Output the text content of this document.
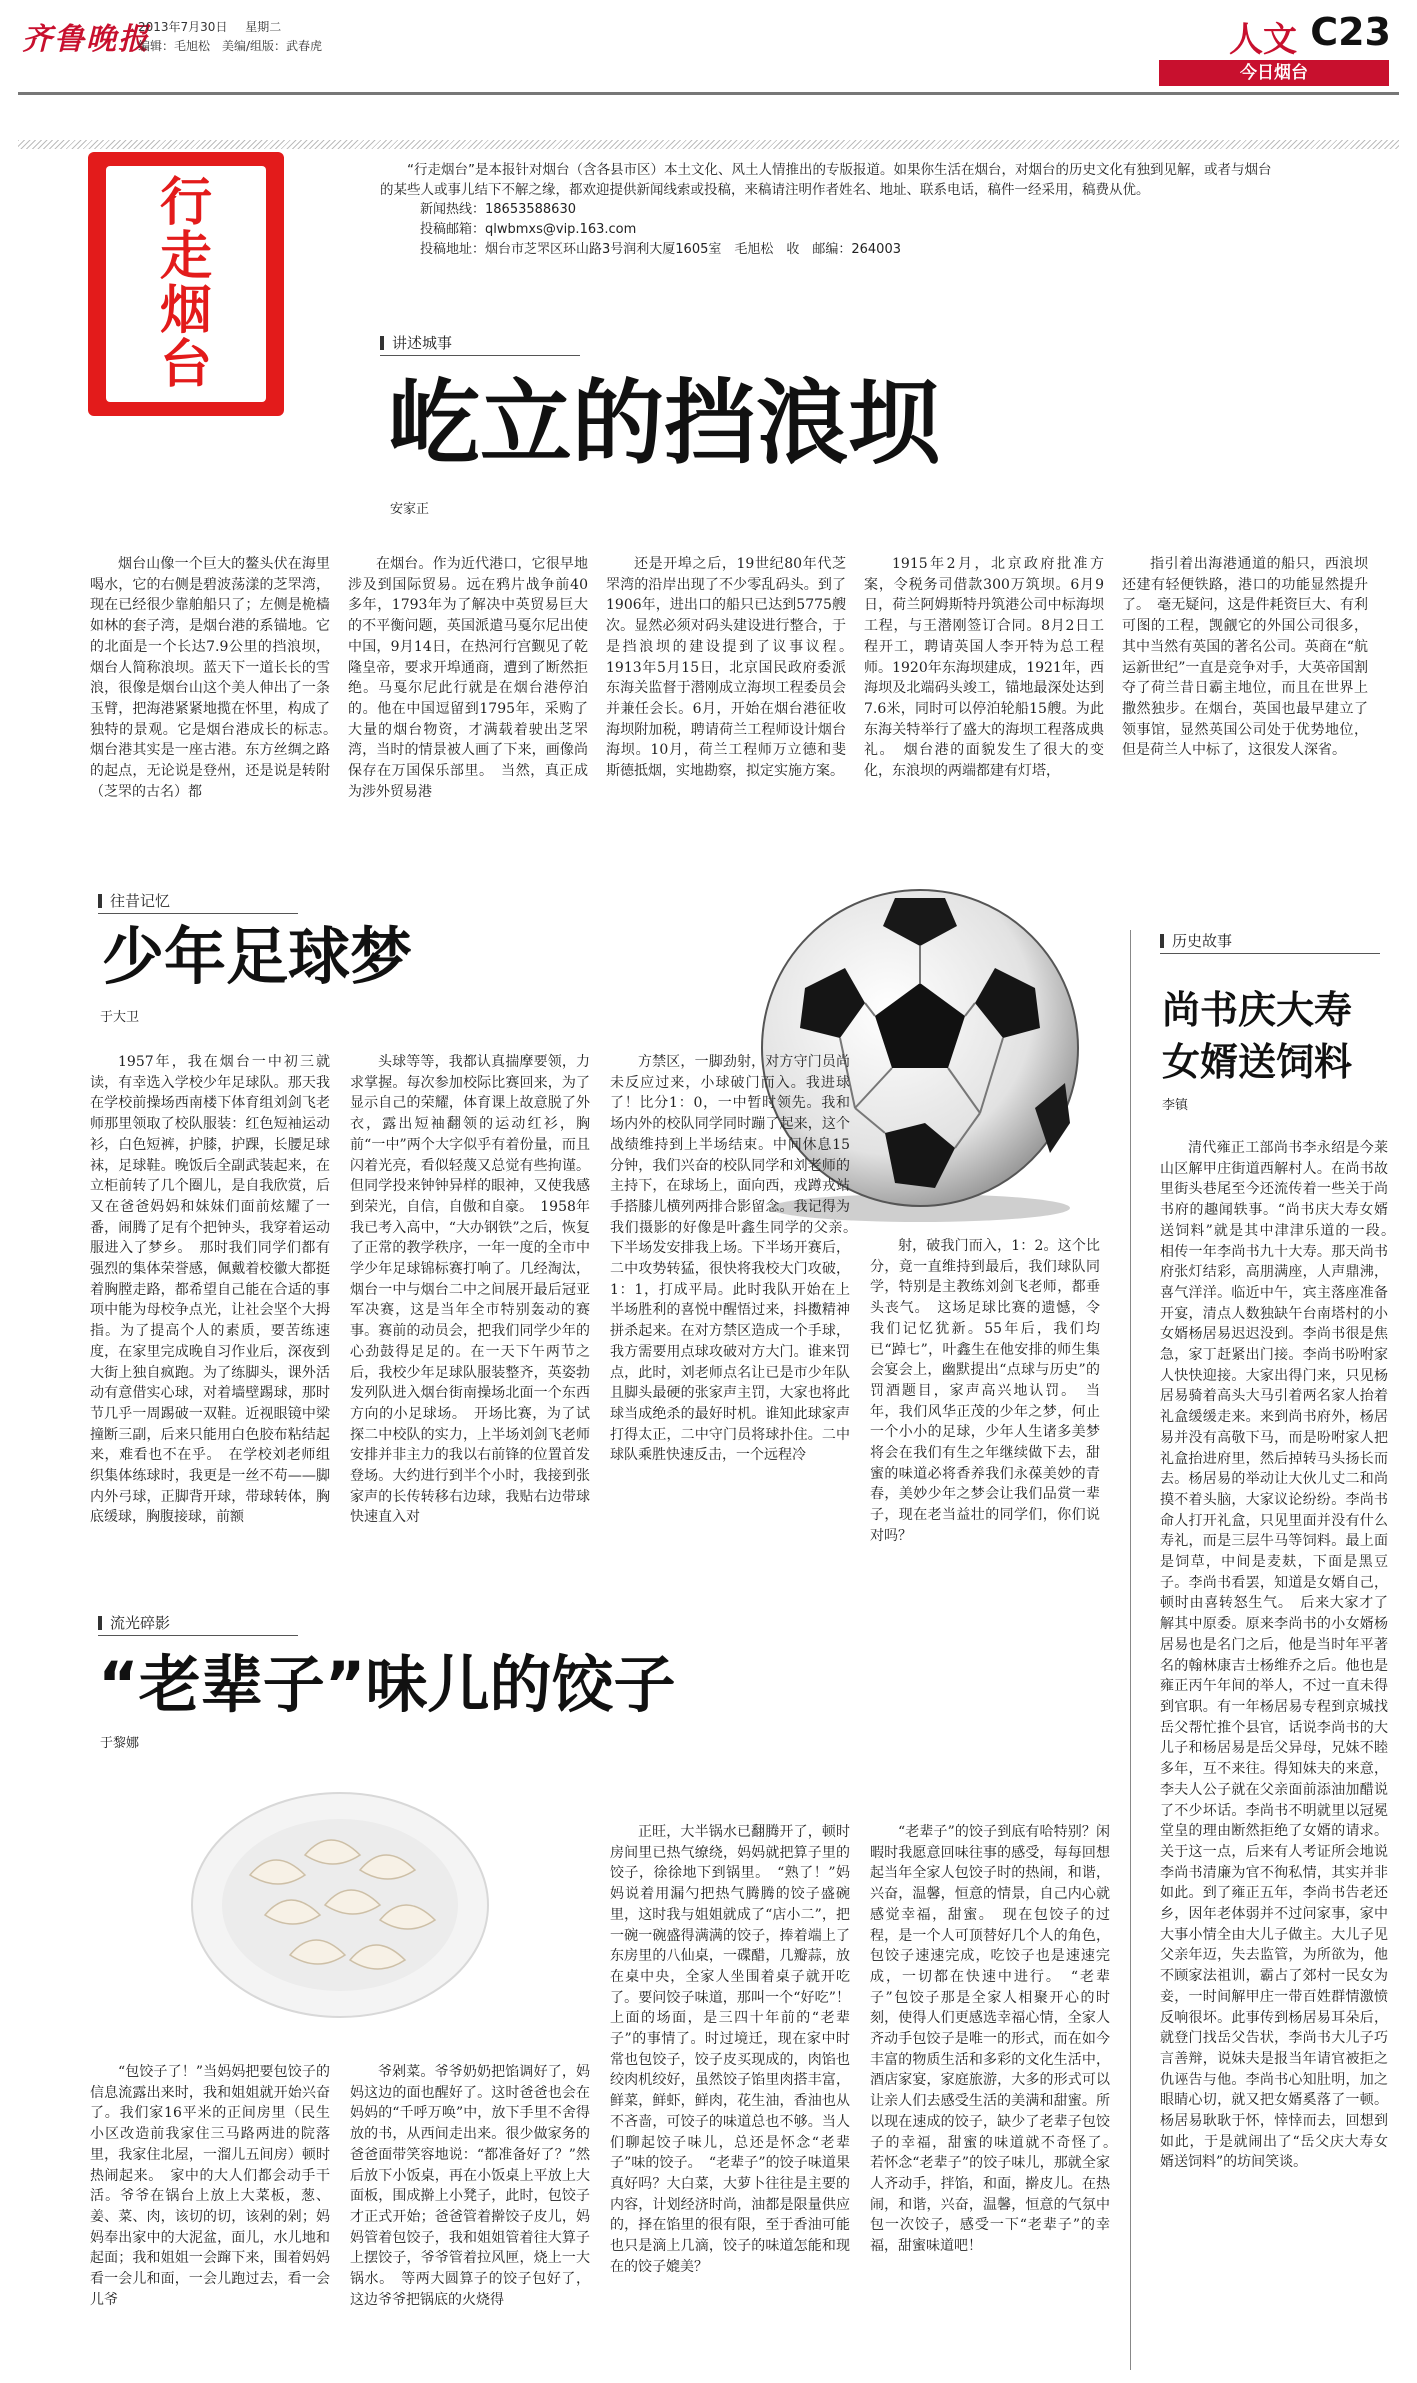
齐鲁晚报
2013年7月30日 星期二
编辑：毛旭松　美编/组版：武春虎	人文 C23
今日烟台
行
走
烟
台
“行走烟台”是本报针对烟台（含各县市区）本土文化、风土人情推出的专版报道。如果你生活在烟台，对烟台的历史文化有独到见解，或者与烟台的某些人或事儿结下不解之缘，都欢迎提供新闻线索或投稿，来稿请注明作者姓名、地址、联系电话，稿件一经采用，稿费从优。
新闻热线：18653588630
投稿邮箱：qlwbmxs@vip.163.com
投稿地址：烟台市芝罘区环山路3号润利大厦1605室　毛旭松　收　邮编：264003
讲述城事
屹立的挡浪坝
安家正

烟台山像一个巨大的鳌头伏在海里喝水，它的右侧是碧波荡漾的芝罘湾，现在已经很少靠舶船只了；左侧是桅樯如林的套子湾，是烟台港的系锚地。它的北面是一个长达7.9公里的挡浪坝，烟台人简称浪坝。蓝天下一道长长的雪浪，很像是烟台山这个美人伸出了一条玉臂，把海港紧紧地揽在怀里，构成了独特的景观。它是烟台港成长的标志。　烟台港其实是一座古港。东方丝绸之路的起点，无论说是登州，还是说是转附（芝罘的古名）都

在烟台。作为近代港口，它很早地涉及到国际贸易。远在鸦片战争前40多年，1793年为了解决中英贸易巨大的不平衡问题，英国派遣马戛尔尼出使中国，9月14日，在热河行宫觐见了乾隆皇帝，要求开埠通商，遭到了断然拒绝。马戛尔尼此行就是在烟台港停泊的。他在中国逗留到1795年，采购了大量的烟台物资，才满载着驶出芝罘湾，当时的情景被人画了下来，画像尚保存在万国保乐部里。　当然，真正成为涉外贸易港

还是开埠之后，19世纪80年代芝罘湾的沿岸出现了不少零乱码头。到了1906年，进出口的船只已达到5775艘次。显然必须对码头建设进行整合，于是挡浪坝的建设提到了议事议程。　1913年5月15日，北京国民政府委派东海关监督于潜刚成立海坝工程委员会并兼任会长。6月，开始在烟台港征收海坝附加税，聘请荷兰工程师设计烟台海坝。10月，荷兰工程师万立德和斐斯德抵烟，实地勘察，拟定实施方案。

1915年2月，北京政府批准方案，令税务司借款300万筑坝。6月9日，荷兰阿姆斯特丹筑港公司中标海坝工程，与王潜刚签订合同。8月2日工程开工，聘请英国人李开特为总工程师。1920年东海坝建成，1921年，西海坝及北端码头竣工，锚地最深处达到7.6米，同时可以停泊轮船15艘。为此东海关特举行了盛大的海坝工程落成典礼。　烟台港的面貌发生了很大的变化，东浪坝的两端都建有灯塔，

指引着出海港通道的船只，西浪坝还建有轻便铁路，港口的功能显然提升了。　毫无疑问，这是件耗资巨大、有利可图的工程，觊觎它的外国公司很多，其中当然有英国的著名公司。英商在“航运新世纪”一直是竞争对手，大英帝国割夺了荷兰昔日霸主地位，而且在世界上撒然独步。在烟台，英国也最早建立了领事馆，显然英国公司处于优势地位，但是荷兰人中标了，这很发人深省。

往昔记忆
少年足球梦
于大卫

1957年，我在烟台一中初三就读，有幸选入学校少年足球队。那天我在学校前操场西南楼下体育组刘剑飞老师那里领取了校队服装：红色短袖运动衫，白色短裤，护膝，护踝，长腰足球袜，足球鞋。晚饭后全副武装起来，在立柜前转了几个圈儿，是自我欣赏，后又在爸爸妈妈和妹妹们面前炫耀了一番，闹腾了足有个把钟头，我穿着运动服进入了梦乡。　那时我们同学们都有强烈的集体荣誉感，佩戴着校徽大都挺着胸膛走路，都希望自己能在合适的事项中能为母校争点光，让社会坚个大拇指。为了提高个人的素质，要苦练速度，在家里完成晚自习作业后，深夜到大街上独自疯跑。为了练脚头，课外活动有意借实心球，对着墙壁踢球，那时节几乎一周踢破一双鞋。近视眼镜中梁撞断三副，后来只能用白色胶布粘结起来，难看也不在乎。　在学校刘老师组织集体练球时，我更是一丝不苟——脚内外弓球，正脚背开球，带球转体，胸底缓球，胸腹接球，前额

头球等等，我都认真揣摩要领，力求掌握。每次参加校际比赛回来，为了显示自己的荣耀，体育课上故意脱了外衣，露出短袖翻领的运动红衫，胸前“一中”两个大字似乎有着份量，而且闪着光亮，看似轻蔑又总觉有些拘谨。但同学投来钟钟异样的眼神，又使我感到荣光，自信，自傲和自豪。　1958年我已考入高中，“大办钢铁”之后，恢复了正常的教学秩序，一年一度的全市中学少年足球锦标赛打响了。几经淘汰，烟台一中与烟台二中之间展开最后冠亚军决赛，这是当年全市特别轰动的赛事。赛前的动员会，把我们同学少年的心劲鼓得足足的。在一天下午两节之后，我校少年足球队服装整齐，英姿勃发列队进入烟台街南操场北面一个东西方向的小足球场。　开场比赛，为了试探二中校队的实力，上半场刘剑飞老师安排并非主力的我以右前锋的位置首发登场。大约进行到半个小时，我接到张家声的长传转移右边球，我贴右边带球快速直入对

方禁区，一脚劲射，对方守门员尚未反应过来，小球破门而入。我进球了！比分1：0，一中暂时领先。我和场内外的校队同学同时蹦了起来，这个战绩维持到上半场结束。中间休息15分钟，我们兴奋的校队同学和刘老师的主持下，在球场上，面向西，戎蹲戎站手搭膝儿横列两排合影留念。我记得为我们摄影的好像是叶鑫生同学的父亲。　下半场发安排我上场。下半场开赛后，二中攻势转猛，很快将我校大门攻破，1：1，打成平局。此时我队开始在上半场胜利的喜悦中醒悟过来，抖擞精神拼杀起来。在对方禁区造成一个手球，我方需要用点球攻破对方大门。谁来罚点，此时，刘老师点名让已是市少年队且脚头最硬的张家声主罚，大家也将此球当成绝杀的最好时机。谁知此球家声打得太正，二中守门员将球扑住。二中球队乘胜快速反击，一个远程冷

射，破我门而入，1：2。这个比分，竟一直维持到最后，我们球队同学，特别是主教练刘剑飞老师，都垂头丧气。　这场足球比赛的遗憾，令我们记忆犹新。55年后，我们均已“踔七”，叶鑫生在他安排的师生集会宴会上，幽默提出“点球与历史”的罚酒题目，家声高兴地认罚。　当年，我们风华正茂的少年之梦，何止一个小小的足球，少年人生诸多美梦将会在我们有生之年继续做下去，甜蜜的味道必将香养我们永葆美妙的青春，美妙少年之梦会让我们品赏一辈子，现在老当益壮的同学们，你们说对吗？

流光碎影
“老辈子”味儿的饺子
于黎娜

“包饺子了！”当妈妈把要包饺子的信息流露出来时，我和姐姐就开始兴奋了。我们家16平米的正间房里（民生小区改造前我家住三马路两进的院落里，我家住北屋，一溜儿五间房）顿时热闹起来。　家中的大人们都会动手干活。爷爷在锅台上放上大菜板，葱、姜、菜、肉，该切的切，该剁的剁；妈妈奉出家中的大泥盆，面儿，水儿地和起面；我和姐姐一会蹿下来，围着妈妈看一会儿和面，一会儿跑过去，看一会儿爷

爷剁菜。爷爷奶奶把馅调好了，妈妈这边的面也醒好了。这时爸爸也会在妈妈的“千呼万唤”中，放下手里不舍得放的书，从西间走出来。很少做家务的爸爸面带笑容地说：“都准备好了？”然后放下小饭桌，再在小饭桌上平放上大面板，围成擀上小凳子，此时，包饺子才正式开始；爸爸管着擀饺子皮儿，妈妈管着包饺子，我和姐姐管着往大算子上摆饺子，爷爷管着拉风匣，烧上一大锅水。　等两大圆算子的饺子包好了，这边爷爷把锅底的火烧得

正旺，大半锅水已翻腾开了，顿时房间里已热气缭绕，妈妈就把算子里的饺子，徐徐地下到锅里。　“熟了！”妈妈说着用漏勺把热气腾腾的饺子盛碗里，这时我与姐姐就成了“店小二”，把一碗一碗盛得满满的饺子，捧着端上了东房里的八仙桌，一碟醋，几瓣蒜，放在桌中央，全家人坐围着桌子就开吃了。要问饺子味道，那叫一个“好吃”！　上面的场面，是三四十年前的“老辈子”的事情了。时过境迁，现在家中时常也包饺子，饺子皮买现成的，肉馅也绞肉机绞好，虽然饺子馅里肉搭丰富，鲜菜，鲜虾，鲜肉，花生油，香油也从不吝啬，可饺子的味道总也不够。当人们聊起饺子味儿，总还是怀念“老辈子”味的饺子。　“老辈子”的饺子味道果真好吗？大白菜，大萝卜往往是主要的内容，计划经济时尚，油都是限量供应的，择在馅里的很有限，至于香油可能也只是滴上几滴，饺子的味道怎能和现在的饺子媲美？

“老辈子”的饺子到底有哈特别？闲暇时我愿意回味往事的感受，每每回想起当年全家人包饺子时的热闹，和谐，兴奋，温馨，恒意的情景，自己内心就感觉幸福，甜蜜。　现在包饺子的过程，是一个人可顶替好几个人的角色，包饺子速速完成，吃饺子也是速速完成，一切都在快速中进行。　“老辈子”包饺子那是全家人相聚开心的时刻，使得人们更感选幸福心情，全家人齐动手包饺子是唯一的形式，而在如今丰富的物质生活和多彩的文化生活中，酒店家宴，家庭旅游，大多的形式可以让亲人们去感受生活的美满和甜蜜。所以现在速成的饺子，缺少了老辈子包饺子的幸福，甜蜜的味道就不奇怪了。　若怀念“老辈子”的饺子味儿，那就全家人齐动手，拌馅，和面，擀皮儿。在热闹，和谐，兴奋，温馨，恒意的气氛中包一次饺子，感受一下“老辈子”的幸福，甜蜜味道吧！

历史故事
尚书庆大寿
女婿送饲料
李镇

清代雍正工部尚书李永绍是今莱山区解甲庄街道西解村人。在尚书故里街头巷尾至今还流传着一些关于尚书府的趣闻轶事。“尚书庆大寿女婿送饲料”就是其中津津乐道的一段。　相传一年李尚书九十大寿。那天尚书府张灯结彩，高朋满座，人声鼎沸，喜气洋洋。临近中午，宾主落座准备开宴，清点人数独缺午台南塔村的小女婿杨居易迟迟没到。李尚书很是焦急，家丁赶紧出门接。李尚书吩咐家人快快迎接。大家出得门来，只见杨居易骑着高头大马引着两名家人抬着礼盒缓缓走来。来到尚书府外，杨居易并没有高敬下马，而是吩咐家人把礼盒抬进府里，然后掉转马头扬长而去。杨居易的举动让大伙儿丈二和尚摸不着头脑，大家议论纷纷。李尚书命人打开礼盒，只见里面并没有什么寿礼，而是三层牛马等饲料。最上面是饲草，中间是麦麸，下面是黑豆子。李尚书看罢，知道是女婿自己，顿时由喜转怒生气。　后来大家才了解其中原委。原来李尚书的小女婿杨居易也是名门之后，他是当时年平著名的翰林康吉士杨维乔之后。他也是雍正丙午年间的举人，不过一直未得到官职。有一年杨居易专程到京城找岳父帮忙推个县官，话说李尚书的大儿子和杨居易是岳父异母，兄妹不睦多年，互不来往。得知妹夫的来意，李夫人公子就在父亲面前添油加醋说了不少坏话。李尚书不明就里以冠冕堂皇的理由断然拒绝了女婿的请求。关于这一点，后来有人考证所会地说李尚书清廉为官不徇私情，其实并非如此。到了雍正五年，李尚书告老还乡，因年老体弱并不过问家事，家中大事小情全由大儿子做主。大儿子见父亲年迈，失去监管，为所欲为，他不顾家法祖训，霸占了郊村一民女为妾，一时间解甲庄一带百姓群情激愤反响很坏。此事传到杨居易耳朵后，就登门找岳父告状，李尚书大儿子巧言善辩，说妹夫是报当年请官被拒之仇诬告与他。李尚书心知肚明，加之眼睛心切，就又把女婿奚落了一顿。杨居易耿耿于怀，悻悻而去，回想到如此，于是就闹出了“岳父庆大寿女婿送饲料”的坊间笑谈。
